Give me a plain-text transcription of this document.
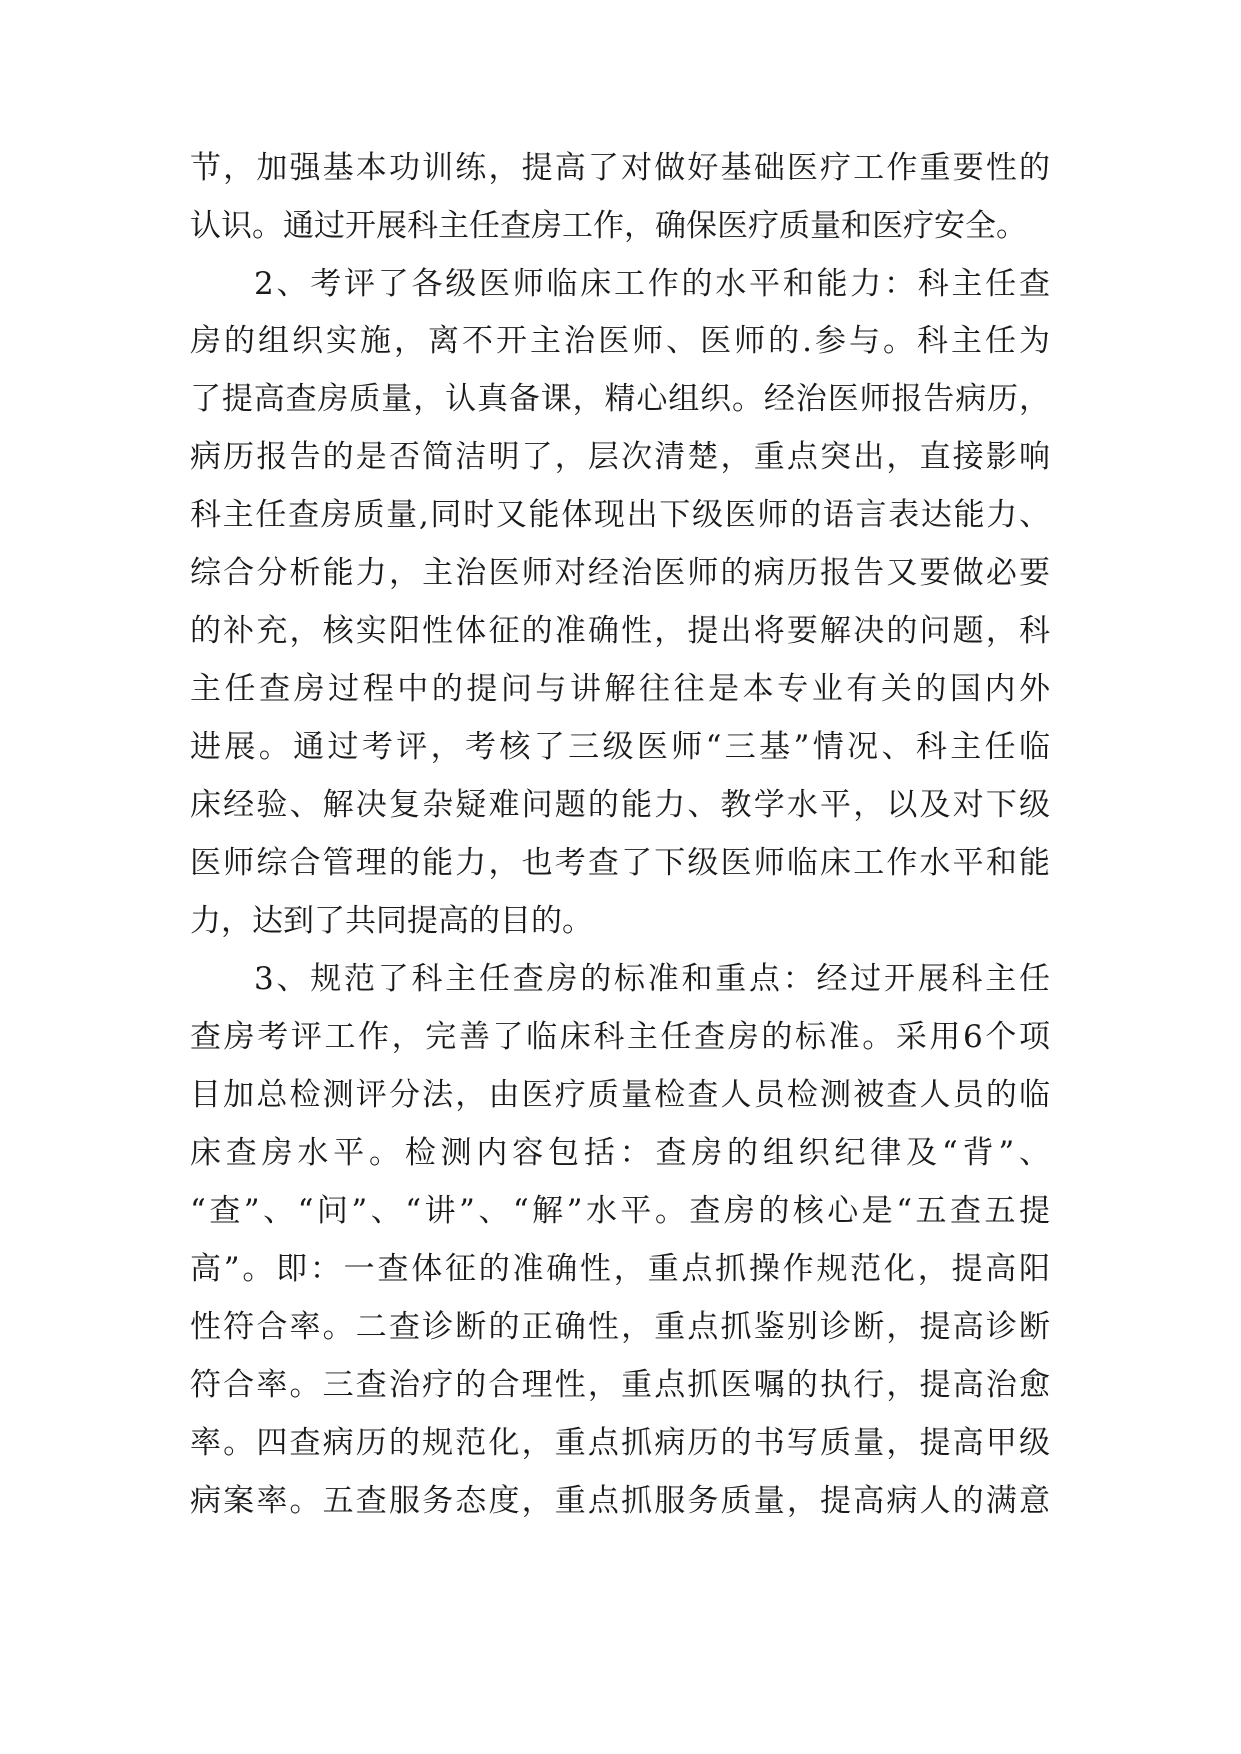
节，加强基本功训练，提高了对做好基础医疗工作重要性的
认识。通过开展科主任查房工作，确保医疗质量和医疗安全。
2、考评了各级医师临床工作的水平和能力：科主任查
房的组织实施，离不开主治医师、医师的.参与。科主任为
了提高查房质量，认真备课，精心组织。经治医师报告病历，
病历报告的是否简洁明了，层次清楚，重点突出，直接影响
科主任查房质量,同时又能体现出下级医师的语言表达能力、
综合分析能力，主治医师对经治医师的病历报告又要做必要
的补充，核实阳性体征的准确性，提出将要解决的问题，科
主任查房过程中的提问与讲解往往是本专业有关的国内外
进展。通过考评，考核了三级医师“三基”情况、科主任临
床经验、解决复杂疑难问题的能力、教学水平，以及对下级
医师综合管理的能力，也考查了下级医师临床工作水平和能
力，达到了共同提高的目的。
3、规范了科主任查房的标准和重点：经过开展科主任
查房考评工作，完善了临床科主任查房的标准。采用6个项
目加总检测评分法，由医疗质量检查人员检测被查人员的临
床查房水平。检测内容包括：查房的组织纪律及“背”、
“查”、“问”、“讲”、“解”水平。查房的核心是“五查五提
高”。即：一查体征的准确性，重点抓操作规范化，提高阳
性符合率。二查诊断的正确性，重点抓鉴别诊断，提高诊断
符合率。三查治疗的合理性，重点抓医嘱的执行，提高治愈
率。四查病历的规范化，重点抓病历的书写质量，提高甲级
病案率。五查服务态度，重点抓服务质量，提高病人的满意
